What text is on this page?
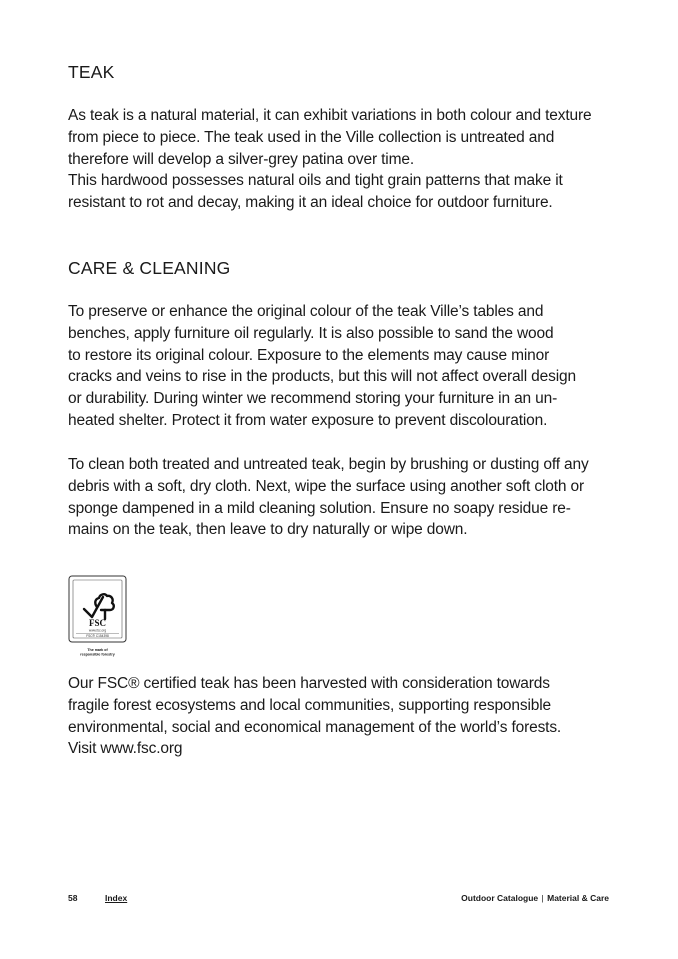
TEAK

As teak is a natural material, it can exhibit variations in both colour and texture
from piece to piece. The teak used in the Ville collection is untreated and
therefore will develop a silver-grey patina over time.
This hardwood possesses natural oils and tight grain patterns that make it
resistant to rot and decay, making it an ideal choice for outdoor furniture.

CARE & CLEANING

To preserve or enhance the original colour of the teak Ville’s tables and
benches, apply furniture oil regularly. It is also possible to sand the wood
to restore its original colour. Exposure to the elements may cause minor
cracks and veins to rise in the products, but this will not affect overall design
or durability. During winter we recommend storing your furniture in an un-
heated shelter. Protect it from water exposure to prevent discolouration.

To clean both treated and untreated teak, begin by brushing or dusting off any
debris with a soft, dry cloth. Next, wipe the surface using another soft cloth or
sponge dampened in a mild cleaning solution. Ensure no soapy residue re-
mains on the teak, then leave to dry naturally or wipe down.

FSC
www.fsc.org
FSC® C154398
The mark of
responsible forestry

Our FSC® certified teak has been harvested with consideration towards
fragile forest ecosystems and local communities, supporting responsible
environmental, social and economical management of the world’s forests.
Visit www.fsc.org

58	Index	Outdoor Catalogue | Material & Care
